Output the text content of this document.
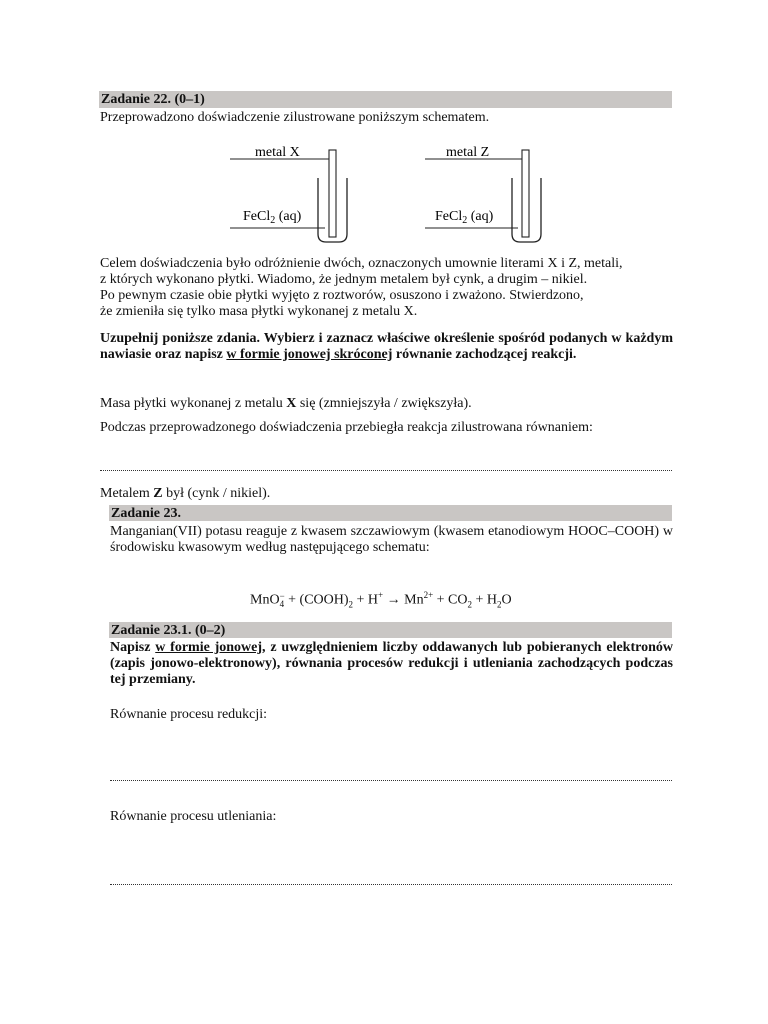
Zadanie 22. (0–1)
Przeprowadzono doświadczenie zilustrowane poniższym schematem.
metal X
FeCl$_2$ (aq)
metal Z
FeCl$_2$ (aq)
Celem doświadczenia było odróżnienie dwóch, oznaczonych umownie literami X i Z, metali,
z których wykonano płytki. Wiadomo, że jednym metalem był cynk, a drugim – nikiel.
Po pewnym czasie obie płytki wyjęto z roztworów, osuszono i zważono. Stwierdzono,
że zmieniła się tylko masa płytki wykonanej z metalu X.
Uzupełnij poniższe zdania. Wybierz i zaznacz właściwe określenie spośród podanych w każdym nawiasie oraz napisz w formie jonowej skróconej równanie zachodzącej reakcji.
Masa płytki wykonanej z metalu X się (zmniejszyła / zwiększyła).
Podczas przeprowadzonego doświadczenia przebiegła reakcja zilustrowana równaniem:
Metalem Z był (cynk / nikiel).
Zadanie 23.
Manganian(VII) potasu reaguje z kwasem szczawiowym (kwasem etanodiowym HOOC–COOH) w środowisku kwasowym według następującego schematu:
MnO −
$4 + (COOH)_2 + H^+ \to Mn^{2+} + CO_2 + H_2O$
Zadanie 23.1. (0–2)
Napisz w formie jonowej, z uwzględnieniem liczby oddawanych lub pobieranych elektronów (zapis jonowo-elektronowy), równania procesów redukcji i utleniania zachodzących podczas tej przemiany.
Równanie procesu redukcji:
Równanie procesu utleniania:
